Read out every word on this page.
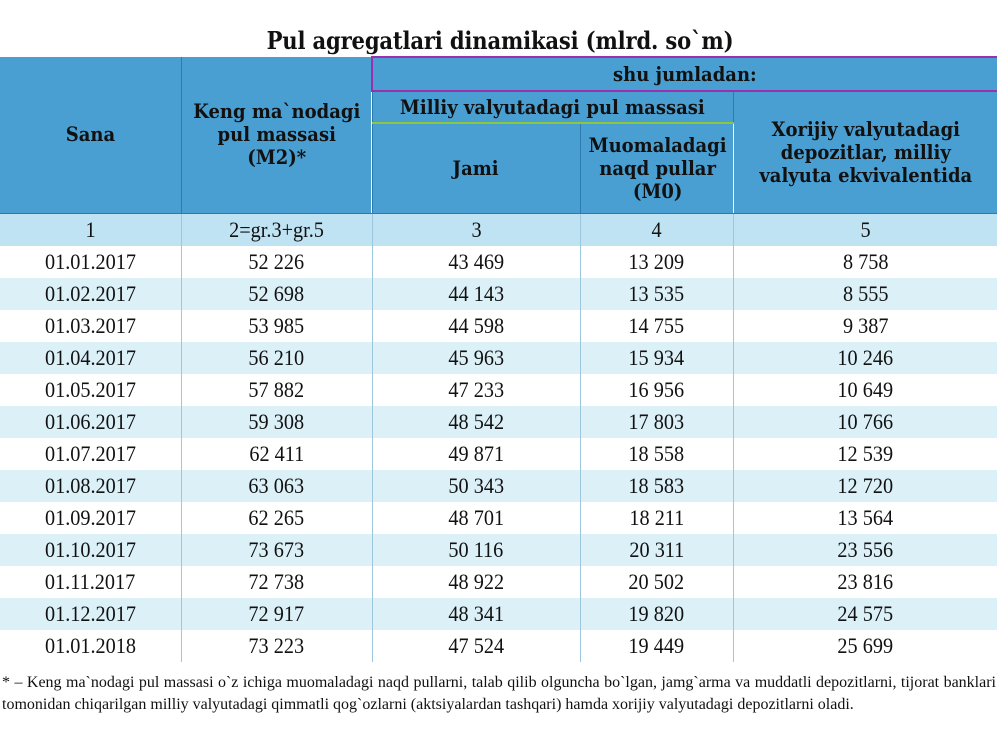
Pul agregatlari dinamikasi (mlrd. so`m)
Sana	Keng ma`nodagi pul massasi (M2)*	shu jumladan:		
		Milliy valyutadagi pul massasi		Xorijiy valyutadagi depozitlar, milliy valyuta ekvivalentida
		Jami	Muomaladagi naqd pullar (M0)	
1	2=gr.3+gr.5	3	4	5
01.01.2017	52 226	43 469	13 209	8 758
01.02.2017	52 698	44 143	13 535	8 555
01.03.2017	53 985	44 598	14 755	9 387
01.04.2017	56 210	45 963	15 934	10 246
01.05.2017	57 882	47 233	16 956	10 649
01.06.2017	59 308	48 542	17 803	10 766
01.07.2017	62 411	49 871	18 558	12 539
01.08.2017	63 063	50 343	18 583	12 720
01.09.2017	62 265	48 701	18 211	13 564
01.10.2017	73 673	50 116	20 311	23 556
01.11.2017	72 738	48 922	20 502	23 816
01.12.2017	72 917	48 341	19 820	24 575
01.01.2018	73 223	47 524	19 449	25 699
* – Keng ma`nodagi pul massasi o`z ichiga muomaladagi naqd pullarni, talab qilib olguncha bo`lgan, jamg`arma va muddatli depozitlarni, tijorat banklari tomonidan chiqarilgan milliy valyutadagi qimmatli qog`ozlarni (aktsiyalardan tashqari) hamda xorijiy valyutadagi depozitlarni oladi.
